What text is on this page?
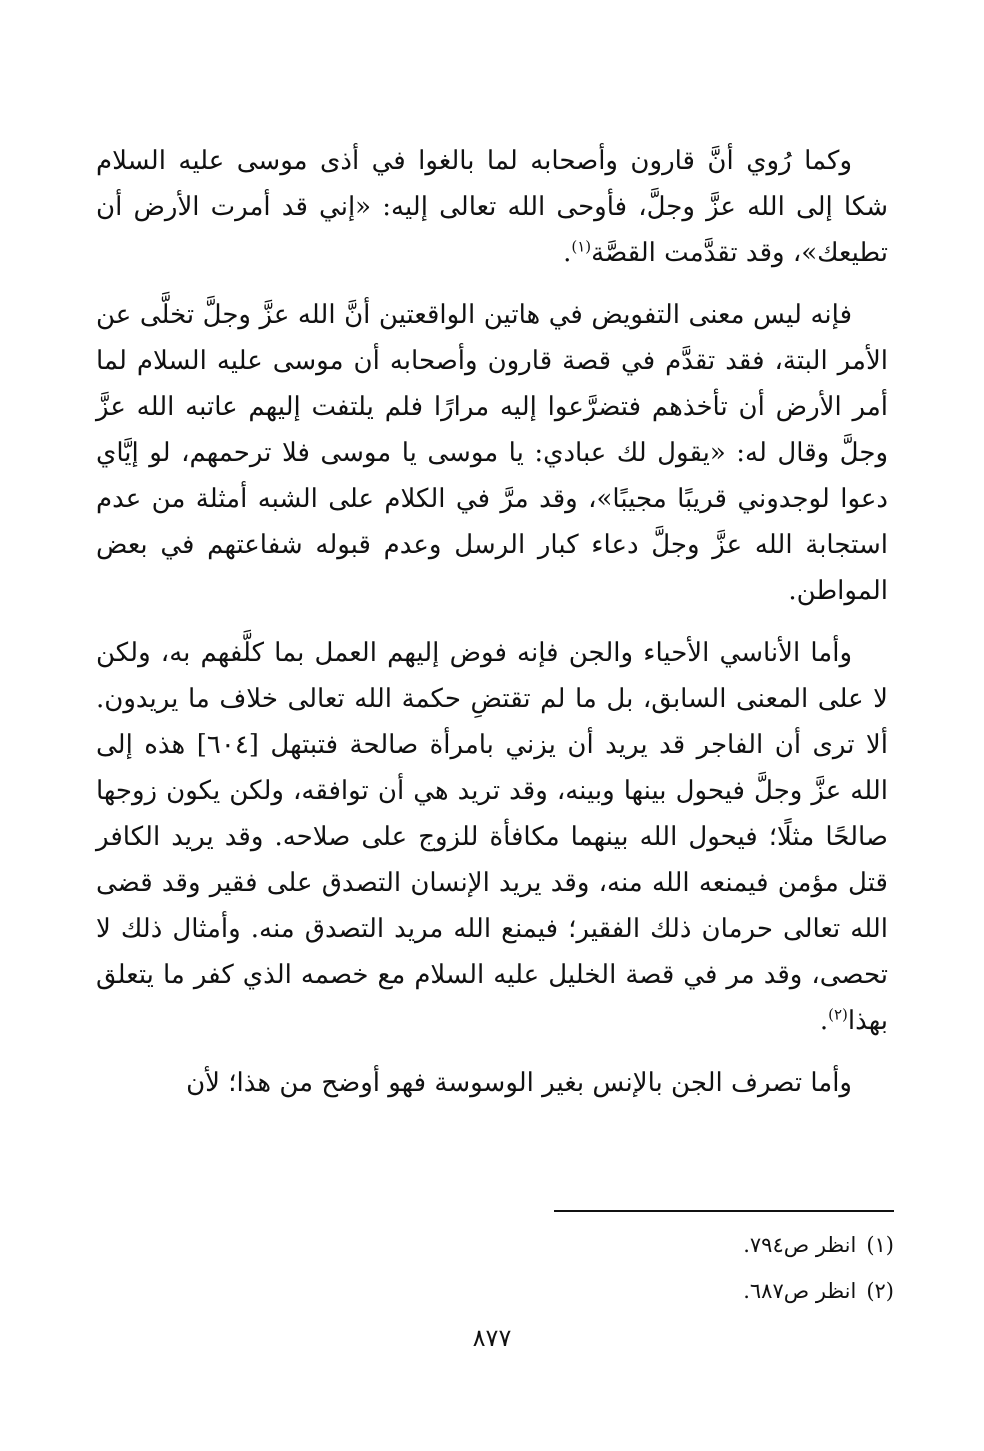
وكما رُوي أنَّ قارون وأصحابه لما بالغوا في أذى موسى عليه السلام شكا إلى الله عزَّ وجلَّ، فأوحى الله تعالى إليه: «إني قد أمرت الأرض أن تطيعك»، وقد تقدَّمت القصَّة$^{(١)}$.

فإنه ليس معنى التفويض في هاتين الواقعتين أنَّ الله عزَّ وجلَّ تخلَّى عن الأمر البتة، فقد تقدَّم في قصة قارون وأصحابه أن موسى عليه السلام لما أمر الأرض أن تأخذهم فتضرَّعوا إليه مرارًا فلم يلتفت إليهم عاتبه الله عزَّ وجلَّ وقال له: «يقول لك عبادي: يا موسى يا موسى فلا ترحمهم، لو إيَّاي دعوا لوجدوني قريبًا مجيبًا»، وقد مرَّ في الكلام على الشبه أمثلة من عدم استجابة الله عزَّ وجلَّ دعاء كبار الرسل وعدم قبوله شفاعتهم في بعض المواطن.

وأما الأناسي الأحياء والجن فإنه فوض إليهم العمل بما كلَّفهم به، ولكن لا على المعنى السابق، بل ما لم تقتضِ حكمة الله تعالى خلاف ما يريدون. ألا ترى أن الفاجر قد يريد أن يزني بامرأة صالحة فتبتهل [٦٠٤] هذه إلى الله عزَّ وجلَّ فيحول بينها وبينه، وقد تريد هي أن توافقه، ولكن يكون زوجها صالحًا مثلًا؛ فيحول الله بينهما مكافأة للزوج على صلاحه. وقد يريد الكافر قتل مؤمن فيمنعه الله منه، وقد يريد الإنسان التصدق على فقير وقد قضى الله تعالى حرمان ذلك الفقير؛ فيمنع الله مريد التصدق منه. وأمثال ذلك لا تحصى، وقد مر في قصة الخليل عليه السلام مع خصمه الذي كفر ما يتعلق بهذا$^{(٢)}$.

وأما تصرف الجن بالإنس بغير الوسوسة فهو أوضح من هذا؛ لأن

(١)انظر ص٧٩٤.
(٢)انظر ص٦٨٧.
٨٧٧
